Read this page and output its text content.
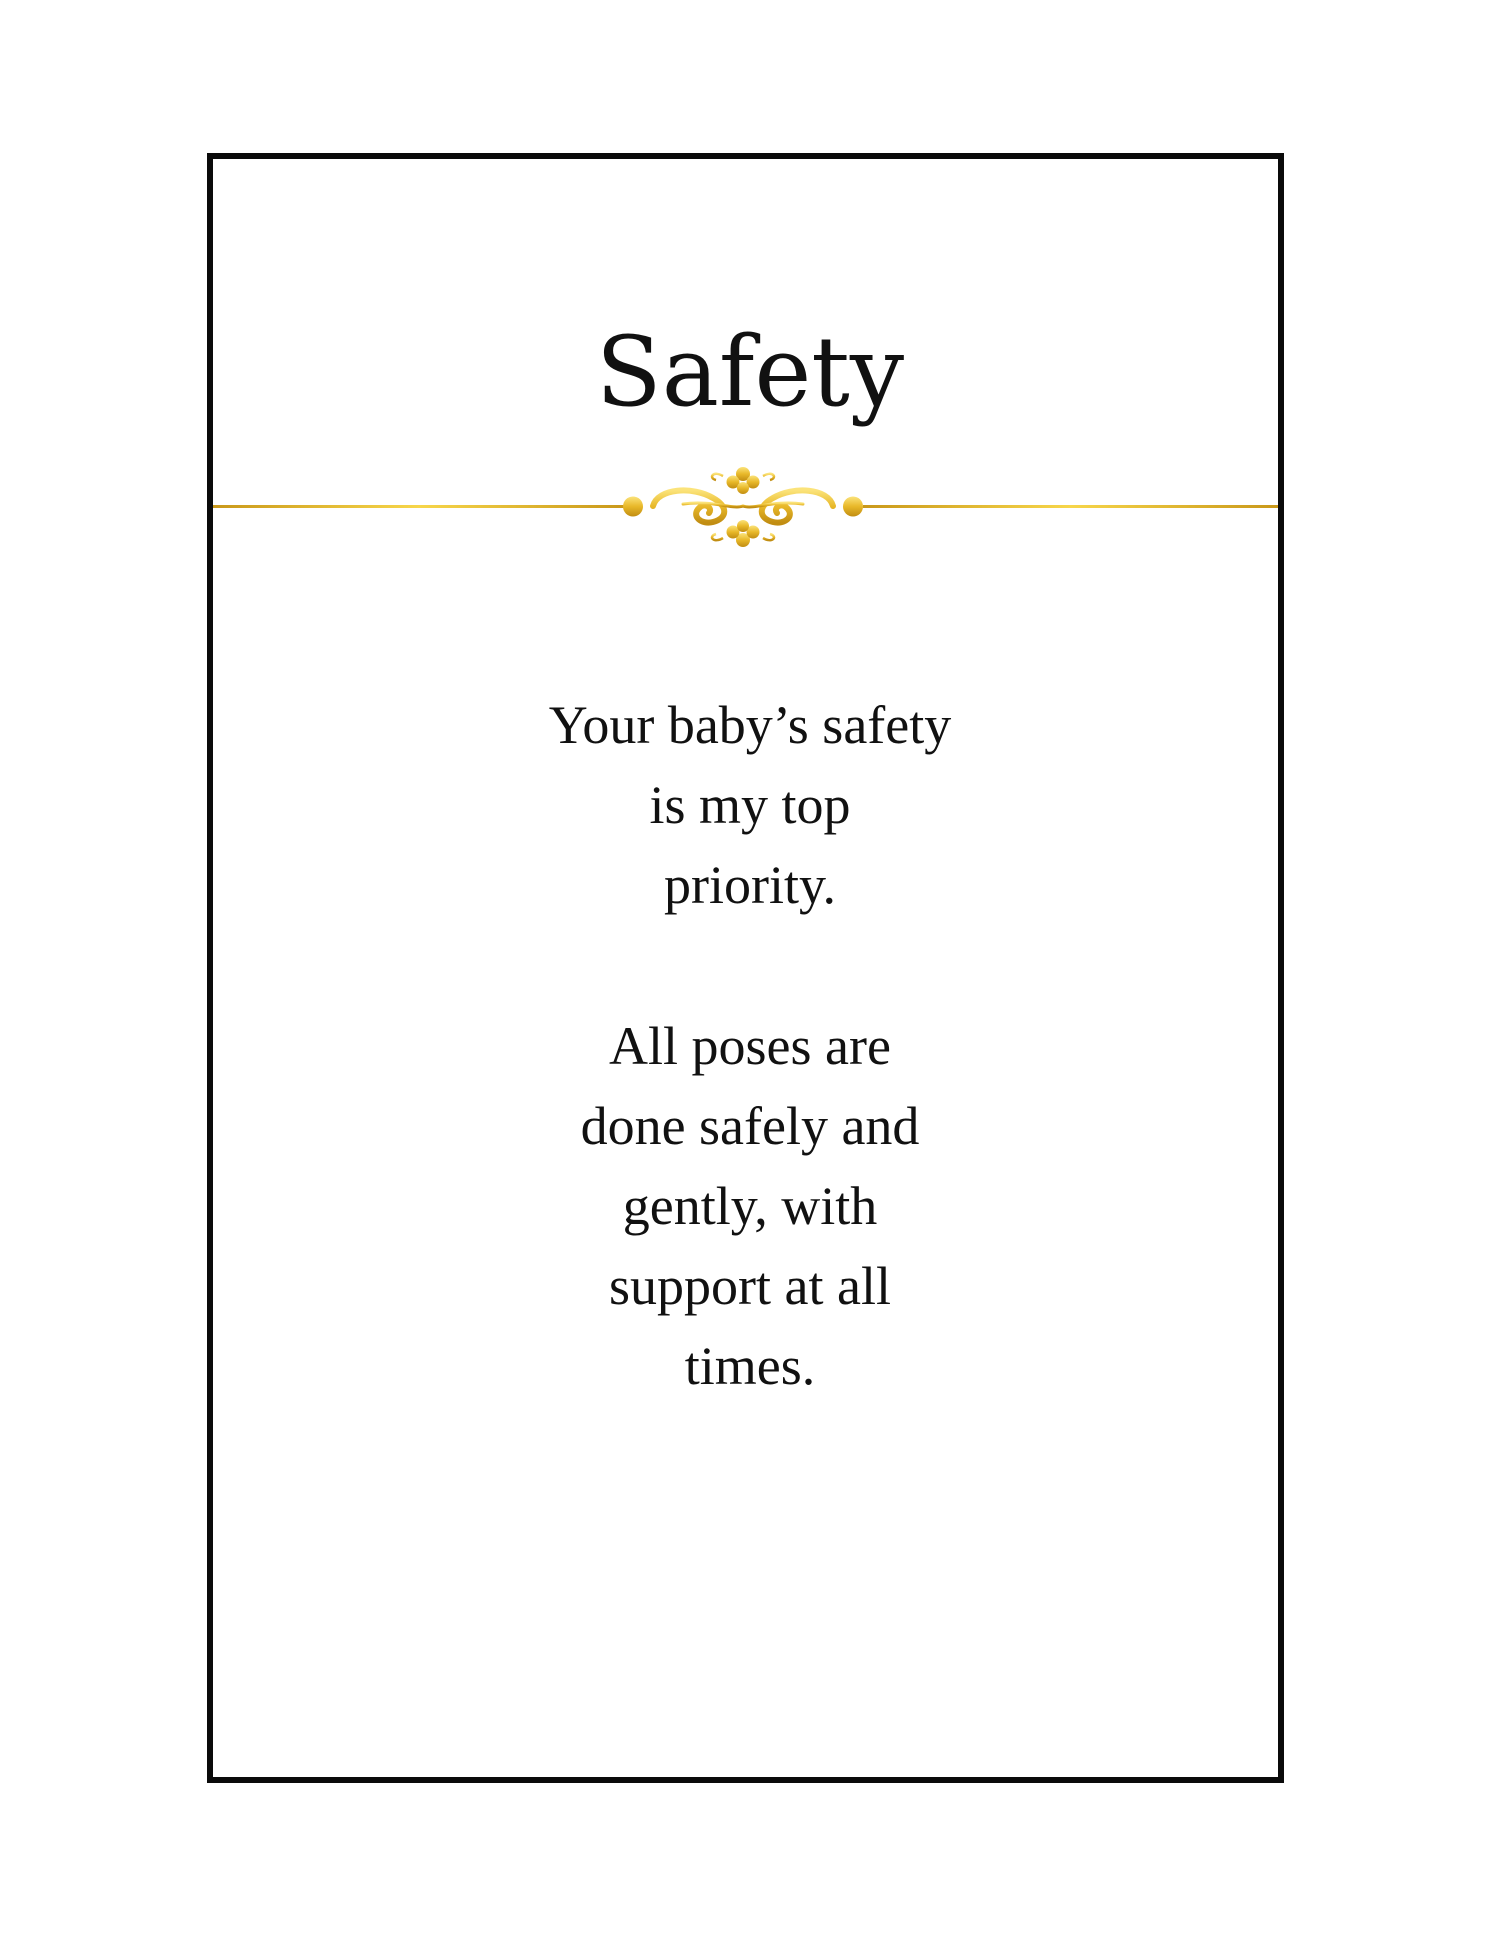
Safety
Your baby’s safety
is my top
priority.
All poses are
done safely and
gently, with
support at all
times.
